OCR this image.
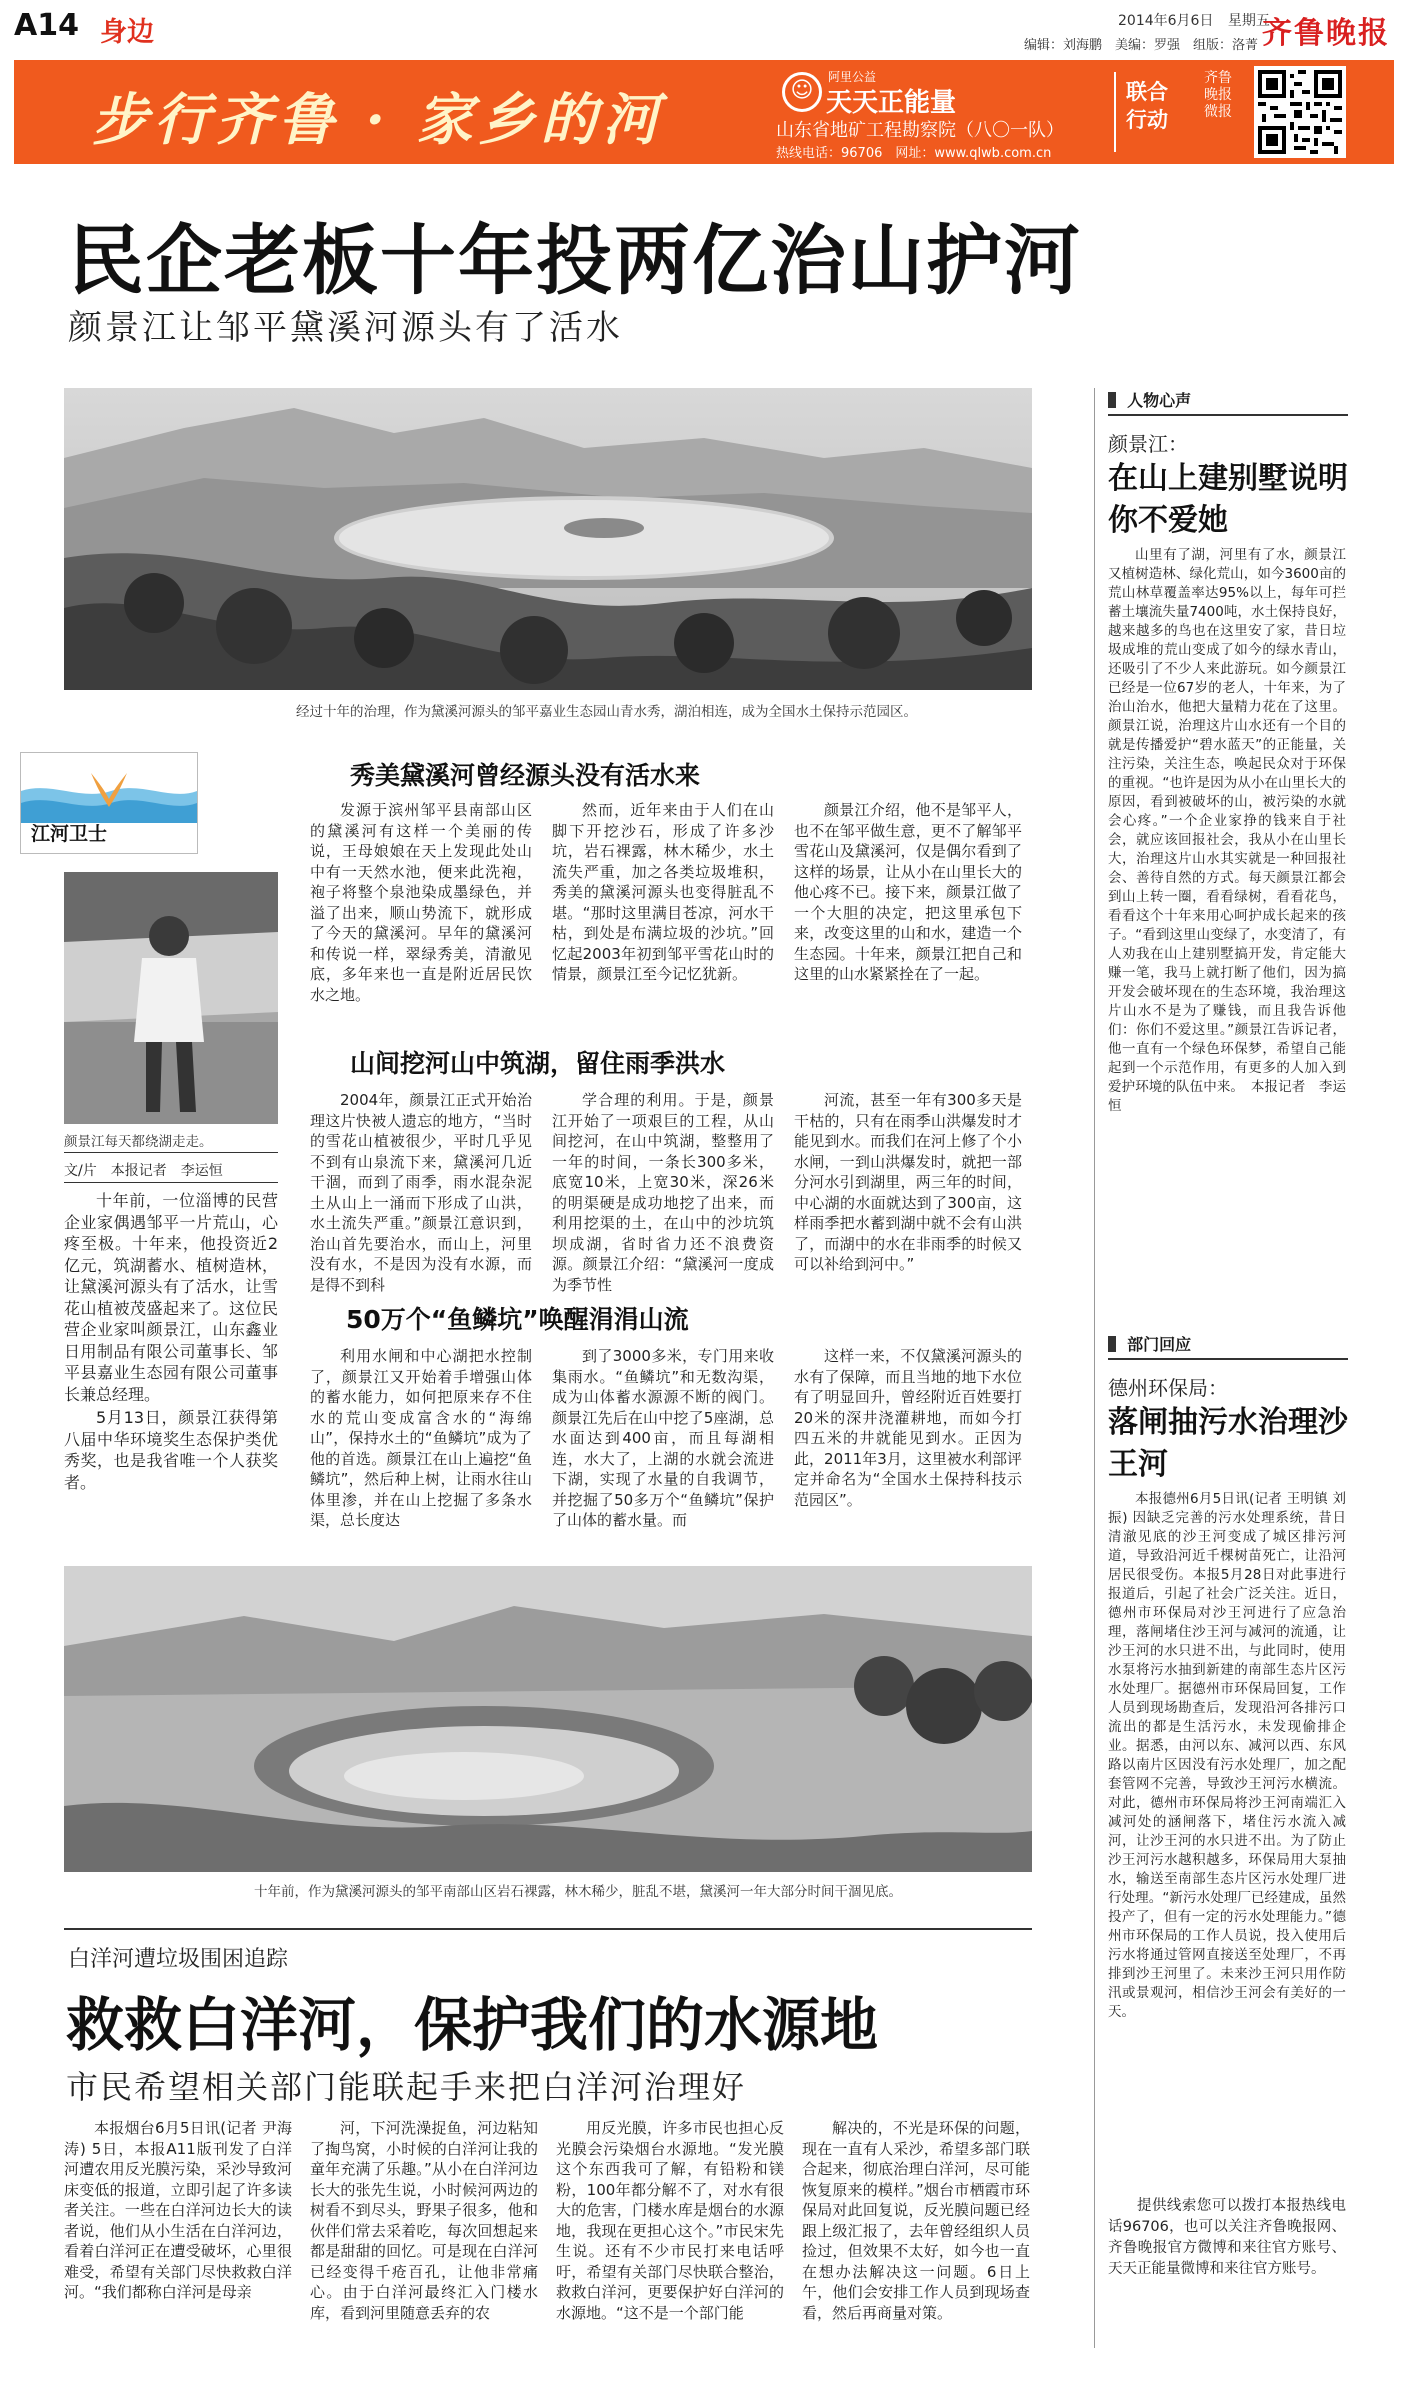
A14 身边	2014年6月6日 星期五
编辑：刘海鹏　美编：罗强　组版：洛菁 齐鲁晚报
步行齐鲁 · 家乡的河	☺
阿里公益
天天正能量
山东省地矿工程勘察院（八〇一队）
热线电话：96706　网址：www.qlwb.com.cn
联合行动
齐鲁晚报微报
民企老板十年投两亿治山护河
颜景江让邹平黛溪河源头有了活水
经过十年的治理，作为黛溪河源头的邹平嘉业生态园山青水秀，湖泊相连，成为全国水土保持示范园区。
江河卫士
颜景江每天都绕湖走走。
文/片　本报记者　李运恒

十年前，一位淄博的民营企业家偶遇邹平一片荒山，心疼至极。十年来，他投资近2亿元，筑湖蓄水、植树造林，让黛溪河源头有了活水，让雪花山植被茂盛起来了。这位民营企业家叫颜景江，山东鑫业日用制品有限公司董事长、邹平县嘉业生态园有限公司董事长兼总经理。

5月13日，颜景江获得第八届中华环境奖生态保护类优秀奖，也是我省唯一个人获奖者。

秀美黛溪河曾经源头没有活水来

发源于滨州邹平县南部山区的黛溪河有这样一个美丽的传说，王母娘娘在天上发现此处山中有一天然水池，便来此洗袍，袍子将整个泉池染成墨绿色，并溢了出来，顺山势流下，就形成了今天的黛溪河。早年的黛溪河和传说一样，翠绿秀美，清澈见底，多年来也一直是附近居民饮水之地。

然而，近年来由于人们在山脚下开挖沙石，形成了许多沙坑，岩石裸露，林木稀少，水土流失严重，加之各类垃圾堆积，秀美的黛溪河源头也变得脏乱不堪。“那时这里满目苍凉，河水干枯，到处是布满垃圾的沙坑。”回忆起2003年初到邹平雪花山时的情景，颜景江至今记忆犹新。

颜景江介绍，他不是邹平人，也不在邹平做生意，更不了解邹平雪花山及黛溪河，仅是偶尔看到了这样的场景，让从小在山里长大的他心疼不已。接下来，颜景江做了一个大胆的决定，把这里承包下来，改变这里的山和水，建造一个生态园。十年来，颜景江把自己和这里的山水紧紧拴在了一起。

山间挖河山中筑湖，留住雨季洪水

2004年，颜景江正式开始治理这片快被人遗忘的地方，“当时的雪花山植被很少，平时几乎见不到有山泉流下来，黛溪河几近干涸，而到了雨季，雨水混杂泥土从山上一涌而下形成了山洪，水土流失严重。”颜景江意识到，治山首先要治水，而山上，河里没有水，不是因为没有水源，而是得不到科

学合理的利用。于是，颜景江开始了一项艰巨的工程，从山间挖河，在山中筑湖，整整用了一年的时间，一条长300多米，底宽10米，上宽30米，深26米的明渠硬是成功地挖了出来，而利用挖渠的土，在山中的沙坑筑坝成湖，省时省力还不浪费资源。颜景江介绍：“黛溪河一度成为季节性

河流，甚至一年有300多天是干枯的，只有在雨季山洪爆发时才能见到水。而我们在河上修了个小水闸，一到山洪爆发时，就把一部分河水引到湖里，两三年的时间，中心湖的水面就达到了300亩，这样雨季把水蓄到湖中就不会有山洪了，而湖中的水在非雨季的时候又可以补给到河中。”

50万个“鱼鳞坑”唤醒涓涓山流

利用水闸和中心湖把水控制了，颜景江又开始着手增强山体的蓄水能力，如何把原来存不住水的荒山变成富含水的“海绵山”，保持水土的“鱼鳞坑”成为了他的首选。颜景江在山上遍挖“鱼鳞坑”，然后种上树，让雨水往山体里渗，并在山上挖掘了多条水渠，总长度达

到了3000多米，专门用来收集雨水。“鱼鳞坑”和无数沟渠，成为山体蓄水源源不断的阀门。颜景江先后在山中挖了5座湖，总水面达到400亩，而且每湖相连，水大了，上湖的水就会流进下湖，实现了水量的自我调节，并挖掘了50多万个“鱼鳞坑”保护了山体的蓄水量。而

这样一来，不仅黛溪河源头的水有了保障，而且当地的地下水位有了明显回升，曾经附近百姓要打20米的深井浇灌耕地，而如今打四五米的井就能见到水。正因为此，2011年3月，这里被水利部评定并命名为“全国水土保持科技示范园区”。

十年前，作为黛溪河源头的邹平南部山区岩石裸露，林木稀少，脏乱不堪，黛溪河一年大部分时间干涸见底。
白洋河遭垃圾围困追踪
救救白洋河，保护我们的水源地
市民希望相关部门能联起手来把白洋河治理好

本报烟台6月5日讯(记者 尹海涛) 5日，本报A11版刊发了白洋河遭农用反光膜污染，采沙导致河床变低的报道，立即引起了许多读者关注。一些在白洋河边长大的读者说，他们从小生活在白洋河边，看着白洋河正在遭受破坏，心里很难受，希望有关部门尽快救救白洋河。“我们都称白洋河是母亲

河，下河洗澡捉鱼，河边粘知了掏鸟窝，小时候的白洋河让我的童年充满了乐趣。”从小在白洋河边长大的张先生说，小时候河两边的树看不到尽头，野果子很多，他和伙伴们常去采着吃，每次回想起来都是甜甜的回忆。可是现在白洋河已经变得千疮百孔，让他非常痛心。由于白洋河最终汇入门楼水库，看到河里随意丢弃的农

用反光膜，许多市民也担心反光膜会污染烟台水源地。“发光膜这个东西我可了解，有铅粉和镁粉，100年都分解不了，对水有很大的危害，门楼水库是烟台的水源地，我现在更担心这个。”市民宋先生说。还有不少市民打来电话呼吁，希望有关部门尽快联合整治，救救白洋河，更要保护好白洋河的水源地。“这不是一个部门能

解决的，不光是环保的问题，现在一直有人采沙，希望多部门联合起来，彻底治理白洋河，尽可能恢复原来的模样。”烟台市栖霞市环保局对此回复说，反光膜问题已经跟上级汇报了，去年曾经组织人员捡过，但效果不太好，如今也一直在想办法解决这一问题。6日上午，他们会安排工作人员到现场查看，然后再商量对策。

人物心声
颜景江：
在山上建别墅说明你不爱她

山里有了湖，河里有了水，颜景江又植树造林、绿化荒山，如今3600亩的荒山林草覆盖率达95%以上，每年可拦蓄土壤流失量7400吨，水土保持良好，越来越多的鸟也在这里安了家，昔日垃圾成堆的荒山变成了如今的绿水青山，还吸引了不少人来此游玩。如今颜景江已经是一位67岁的老人，十年来，为了治山治水，他把大量精力花在了这里。颜景江说，治理这片山水还有一个目的就是传播爱护“碧水蓝天”的正能量，关注污染，关注生态，唤起民众对于环保的重视。“也许是因为从小在山里长大的原因，看到被破坏的山，被污染的水就会心疼。”一个企业家挣的钱来自于社会，就应该回报社会，我从小在山里长大，治理这片山水其实就是一种回报社会、善待自然的方式。每天颜景江都会到山上转一圈，看看绿树，看看花鸟，看看这个十年来用心呵护成长起来的孩子。“看到这里山变绿了，水变清了，有人劝我在山上建别墅搞开发，肯定能大赚一笔，我马上就打断了他们，因为搞开发会破坏现在的生态环境，我治理这片山水不是为了赚钱，而且我告诉他们：你们不爱这里。”颜景江告诉记者，他一直有一个绿色环保梦，希望自己能起到一个示范作用，有更多的人加入到爱护环境的队伍中来。　本报记者　李运恒

部门回应
德州环保局：
落闸抽污水治理沙王河

本报德州6月5日讯(记者 王明镇 刘振) 因缺乏完善的污水处理系统，昔日清澈见底的沙王河变成了城区排污河道，导致沿河近千棵树苗死亡，让沿河居民很受伤。本报5月28日对此事进行报道后，引起了社会广泛关注。近日，德州市环保局对沙王河进行了应急治理，落闸堵住沙王河与减河的流通，让沙王河的水只进不出，与此同时，使用水泵将污水抽到新建的南部生态片区污水处理厂。据德州市环保局回复，工作人员到现场勘查后，发现沿河各排污口流出的都是生活污水，未发现偷排企业。据悉，由河以东、减河以西、东风路以南片区因没有污水处理厂，加之配套管网不完善，导致沙王河污水横流。对此，德州市环保局将沙王河南端汇入减河处的涵闸落下，堵住污水流入减河，让沙王河的水只进不出。为了防止沙王河污水越积越多，环保局用大泵抽水，输送至南部生态片区污水处理厂进行处理。“新污水处理厂已经建成，虽然投产了，但有一定的污水处理能力。”德州市环保局的工作人员说，投入使用后污水将通过管网直接送至处理厂，不再排到沙王河里了。未来沙王河只用作防汛或景观河，相信沙王河会有美好的一天。

提供线索您可以拨打本报热线电话96706，也可以关注齐鲁晚报网、齐鲁晚报官方微博和来往官方账号、天天正能量微博和来往官方账号。
